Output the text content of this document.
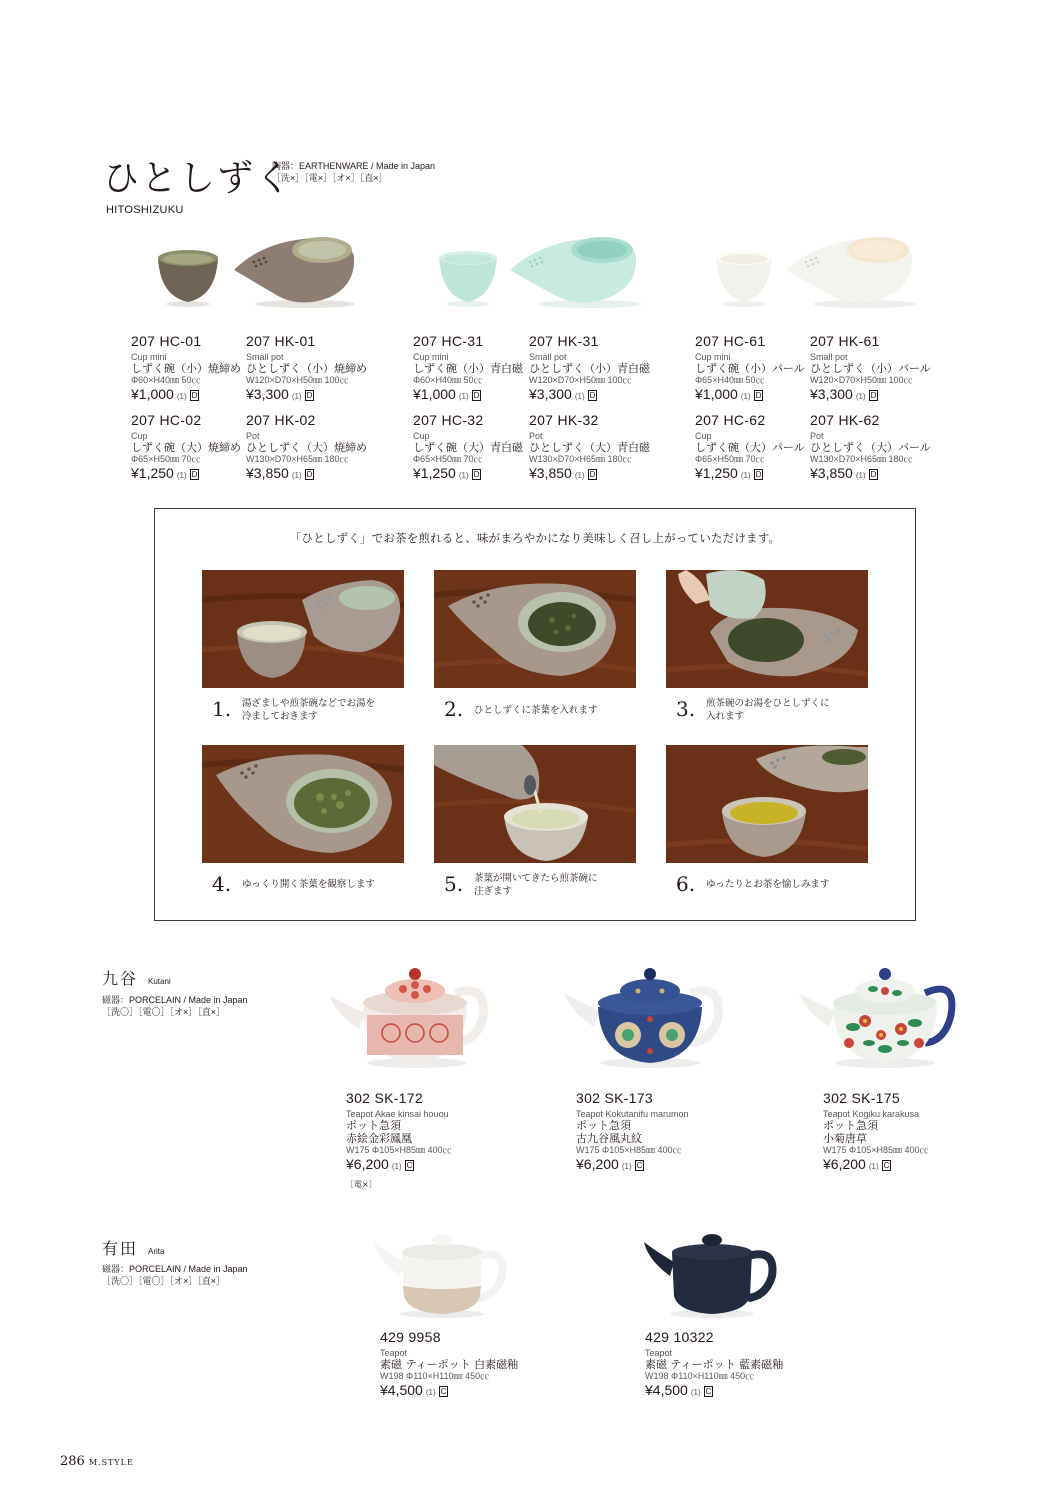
ひとしずく
HITOSHIZUKU
陶器：EARTHENWARE / Made in Japan
［洗×］［電×］［オ×］［直×］
207 HC-01
Cup mini
しずく碗（小）焼締め
Φ60×H40㎜ 50㏄
¥1,000 (1) D
207 HK-01
Small pot
ひとしずく（小）焼締め
W120×D70×H50㎜ 100㏄
¥3,300 (1) D
207 HC-31
Cup mini
しずく碗（小）青白磁
Φ60×H40㎜ 50㏄
¥1,000 (1) D
207 HK-31
Small pot
ひとしずく（小）青白磁
W120×D70×H50㎜ 100㏄
¥3,300 (1) D
207 HC-61
Cup mini
しずく碗（小）パール
Φ65×H40㎜ 50㏄
¥1,000 (1) D
207 HK-61
Small pot
ひとしずく（小）パール
W120×D70×H50㎜ 100㏄
¥3,300 (1) D
207 HC-02
Cup
しずく碗（大）焼締め
Φ65×H50㎜ 70㏄
¥1,250 (1) D
207 HK-02
Pot
ひとしずく（大）焼締め
W130×D70×H65㎜ 180㏄
¥3,850 (1) D
207 HC-32
Cup
しずく碗（大）青白磁
Φ65×H50㎜ 70㏄
¥1,250 (1) D
207 HK-32
Pot
ひとしずく（大）青白磁
W130×D70×H65㎜ 180㏄
¥3,850 (1) D
207 HC-62
Cup
しずく碗（大）パール
Φ65×H50㎜ 70㏄
¥1,250 (1) D
207 HK-62
Pot
ひとしずく（大）パール
W130×D70×H65㎜ 180㏄
¥3,850 (1) D
「ひとしずく」でお茶を煎れると、味がまろやかになり美味しく召し上がっていただけます。
1. 湯ざましや煎茶碗などでお湯を
冷ましておきます	2. ひとしずくに茶葉を入れます	3. 煎茶碗のお湯をひとしずくに
入れます
4. ゆっくり開く茶葉を観察します	5. 茶葉が開いてきたら煎茶碗に
注ぎます	6. ゆったりとお茶を愉しみます
九谷 Kutani
磁器：PORCELAIN / Made in Japan
［洗〇］［電〇］［オ×］［直×］
302 SK-172
Teapot Akae kinsai houou
ポット急須
赤絵金彩鳳凰
W175 Φ105×H85㎜ 400㏄
¥6,200 (1) C
［電×］
302 SK-173
Teapot Kokutanifu marumon
ポット急須
古九谷風丸紋
W175 Φ105×H85㎜ 400㏄
¥6,200 (1) C
302 SK-175
Teapot Kogiku karakusa
ポット急須
小菊唐草
W175 Φ105×H85㎜ 400㏄
¥6,200 (1) C
有田 Arita
磁器：PORCELAIN / Made in Japan
［洗〇］［電〇］［オ×］［直×］
429 9958
Teapot
素磁 ティーポット 白素磁釉
W198 Φ110×H110㎜ 450㏄
¥4,500 (1) C
429 10322
Teapot
素磁 ティーポット 藍素磁釉
W198 Φ110×H110㎜ 450㏄
¥4,500 (1) C
286 M.STYLE
